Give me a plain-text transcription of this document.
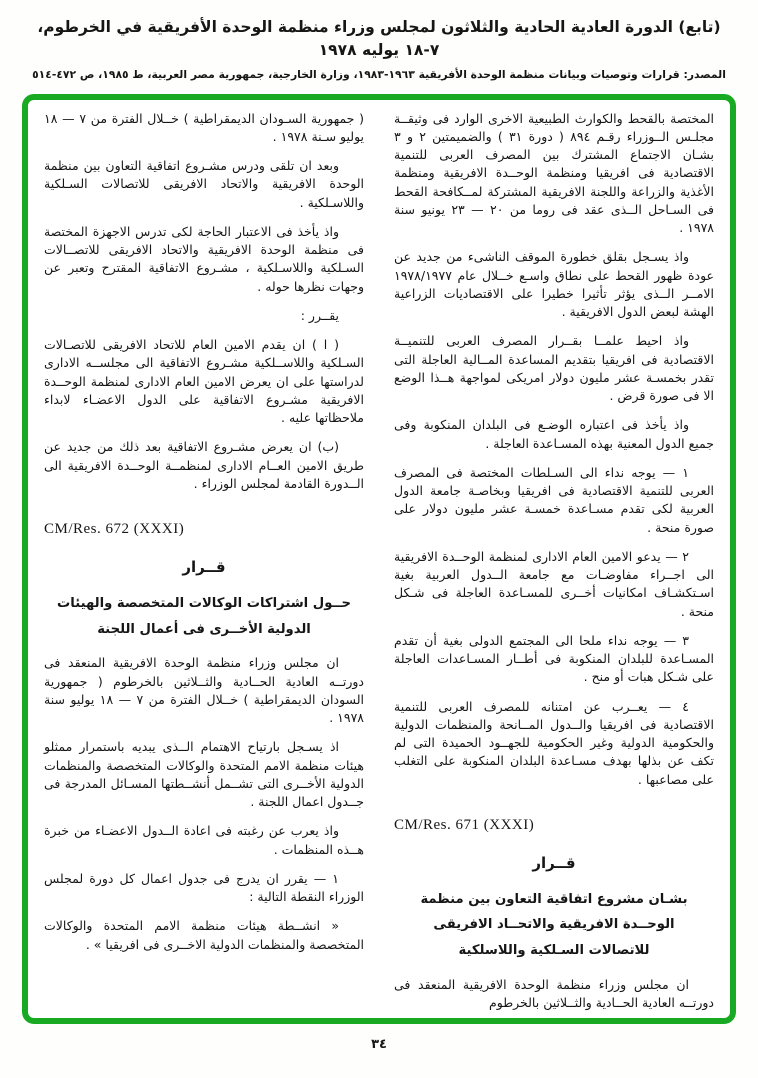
(تابع) الدورة العادية الحادية والثلاثون لمجلس وزراء منظمة الوحدة الأفريقية في الخرطوم، ٧-١٨ يوليه ١٩٧٨
المصدر: قرارات وتوصيات وبيانات منظمة الوحدة الأفريقية ١٩٦٣-١٩٨٣، وزارة الخارجية، جمهورية مصر العربية، ط ١٩٨٥، ص ٤٧٢-٥١٤

المختصة بالقحط والكوارث الطبيعية الاخرى الوارد فى وثيقــة مجلـس الــوزراء رقـم ٨٩٤ ( دورة ٣١ ) والضميمتين ٢ و ٣ بشـان الاجتماع المشترك بين المصرف العربى للتنمية الاقتصادية فى افريقيا ومنظمة الوحــدة الافريقية ومنظمة الأغذية والزراعة واللجنة الافريقية المشتركة لمــكافحة القحط فى السـاحل الــذى عقد فى روما من ٢٠ — ٢٣ يونيو سنة ١٩٧٨ .

واذ يسـجل بقلق خطورة الموقف الناشىء من جديد عن عودة ظهور القحط على نطاق واسـع خــلال عام ١٩٧٨/١٩٧٧ الامــر الــذى يؤثر تأثيرا خطيرا على الاقتصاديات الزراعية الهشة لبعض الدول الافريقية .

واذ احيط علمــا بقــرار المصرف العربى للتنميــة الاقتصادية فى افريقيا بتقديم المساعدة المــالية العاجلة التى تقدر بخمسـة عشر مليون دولار امريكى لمواجهة هــذا الوضع الا فى صورة قرض .

واذ يأخذ فى اعتباره الوضـع فى البلدان المنكوبة وفى جميع الدول المعنية بهذه المسـاعدة العاجلة .

١ — يوجه نداء الى السـلطات المختصة فى المصرف العربى للتنمية الاقتصادية فى افريقيا وبخاصـة جامعة الدول العربية لكى تقدم مسـاعدة خمسـة عشر مليون دولار على صورة منحة .

٢ — يدعو الامين العام الادارى لمنظمة الوحــدة الافريقية الى اجــراء مفاوضـات مع جامعة الــدول العربية بغية اسـتكشـاف امكانيات أخــرى للمسـاعدة العاجلة فى شـكل منحة .

٣ — يوجه نداء ملحا الى المجتمع الدولى بغية أن تقدم المسـاعدة للبلدان المنكوبة فى أطــار المسـاعدات العاجلة على شـكل هبات أو منح .

٤ — يعــرب عن امتنانه للمصرف العربى للتنمية الاقتصادية فى افريقيا والــدول المــانحة والمنظمات الدولية والحكومية الدولية وغير الحكومية للجهــود الحميدة التى لم تكف عن بذلها بهدف مسـاعدة البلدان المنكوبة على التغلب على مصاعبها .

CM/Res. 671 (XXXI)
قــرار
بشـان مشروع اتفاقية التعاون بين منظمة
الوحــدة الافريقية والاتحــاد الافريقى
للاتصالات السـلكية واللاسلكية

ان مجلس وزراء منظمة الوحدة الافريقية المنعقد فى دورتــه العادية الحــادية والثــلاثين بالخرطوم

( جمهورية السـودان الديمقراطية ) خــلال الفترة من ٧ — ١٨ يوليو سـنة ١٩٧٨ .

وبعد ان تلقى ودرس مشـروع اتفاقية التعاون بين منظمة الوحدة الافريقية والاتحاد الافريقى للاتصالات السـلكية واللاسـلكية .

واذ يأخذ فى الاعتبار الحاجة لكى تدرس الاجهزة المختصة فى منظمة الوحدة الافريقية والاتحاد الافريقى للاتصــالات السـلكية واللاسـلكية ، مشـروع الاتفاقية المقترح وتعبر عن وجهات نظرها حوله .

يقــرر :

( ا ) ان يقدم الامين العام للاتحاد الافريقى للاتصـالات السـلكية واللاســلكية مشـروع الاتفاقية الى مجلســه الادارى لدراستها على ان يعرض الامين العام الادارى لمنظمة الوحــدة الافريقية مشـروع الاتفاقية على الدول الاعضـاء لابداء ملاحظاتها عليه .

(ب) ان يعرض مشـروع الاتفاقية بعد ذلك من جديد عن طريق الامين العــام الادارى لمنظمــة الوحــدة الافريقية الى الــدورة القادمة لمجلس الوزراء .

CM/Res. 672 (XXXI)
قــرار
حــول اشتراكات الوكالات المتخصصة والهيئات
الدولية الأخــرى فى أعمال اللجنة

ان مجلس وزراء منظمة الوحدة الافريقية المنعقد فى دورتــه العادية الحــادية والثــلاثين بالخرطوم ( جمهورية السودان الديمقراطية ) خــلال الفترة من ٧ — ١٨ يوليو سنة ١٩٧٨ .

اذ يسـجل بارتياح الاهتمام الــذى يبديه باستمرار ممثلو هيئات منظمة الامم المتحدة والوكالات المتخصصة والمنظمات الدولية الأخــرى التى تشــمل أنشــطتها المسـائل المدرجة فى جــدول اعمال اللجنة .

واذ يعرب عن رغبته فى اعادة الــدول الاعضـاء من خبرة هــذه المنظمات .

١ — يقرر ان يدرج فى جدول اعمال كل دورة لمجلس الوزراء النقطة التالية :

« انشــطة هيئات منظمة الامم المتحدة والوكالات المتخصصة والمنظمات الدولية الاخــرى فى افريقيا » .

٣٤
